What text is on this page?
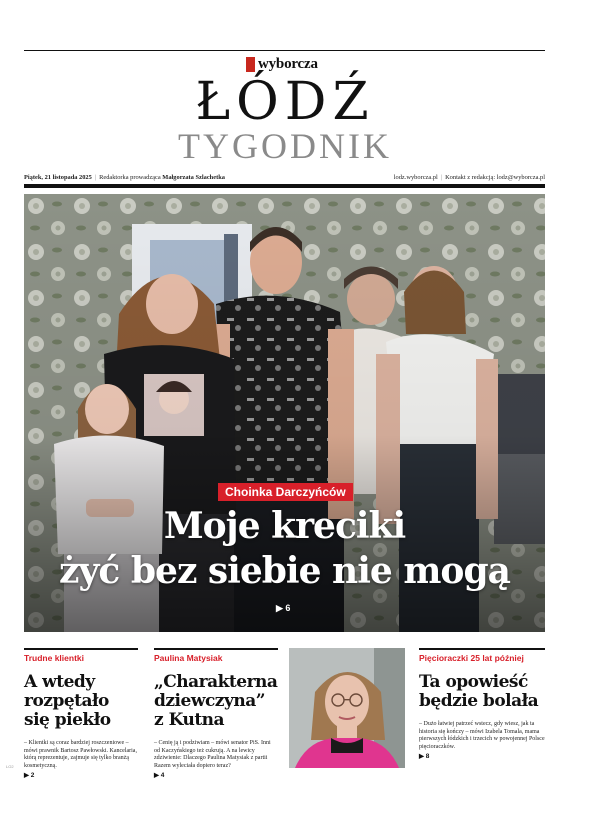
wyborcza
ŁÓDŹ
TYGODNIK
Piątek, 21 listopada 2025 | Redaktorka prowadząca Małgorzata Szlachetka	lodz.wyborcza.pl | Kontakt z redakcją: lodz@wyborcza.pl
Choinka Darczyńców
Moje kreciki
żyć bez siebie nie mogą
▶ 6
Trudne klientki
A wtedy rozpętało się piekło
– Klientki są coraz bardziej roszczeniowe – mówi prawnik Bartosz Pawłowski. Kancelaria, którą reprezentuje, zajmuje się tylko branżą kosmetyczną.
▶ 2
Paulina Matysiak
„Charakterna dziewczyna” z Kutna
– Cenię ją i podziwiam – mówi senator PiS. Inni od Kaczyńskiego też cukrują. A na lewicy zdziwienie: Dlaczego Paulina Matysiak z partii Razem wyleciała dopiero teraz?
▶ 4
Pięcioraczki 25 lat później
Ta opowieść będzie bolała
– Dużo łatwiej patrzeć wstecz, gdy wiesz, jak ta historia się kończy – mówi Izabela Tomala, mama pierwszych łódzkich i trzecich w powojennej Polsce pięcioraczków.
▶ 8
LO2
